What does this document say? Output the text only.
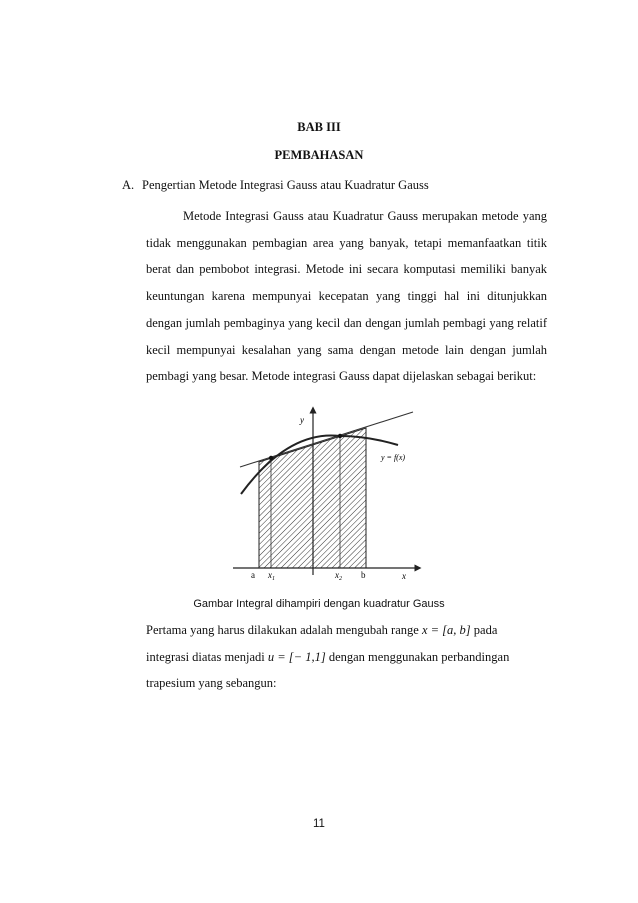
BAB III
PEMBAHASAN
A. Pengertian Metode Integrasi Gauss atau Kuadratur Gauss

Metode Integrasi Gauss atau Kuadratur Gauss merupakan metode yang tidak menggunakan pembagian area yang banyak, tetapi memanfaatkan titik berat dan pembobot integrasi. Metode ini secara komputasi memiliki banyak keuntungan karena mempunyai kecepatan yang tinggi hal ini ditunjukkan dengan jumlah pembaginya yang kecil dan dengan jumlah pembagi yang relatif kecil mempunyai kesalahan yang sama dengan metode lain dengan jumlah pembagi yang besar. Metode integrasi Gauss dapat dijelaskan sebagai berikut:

y
x
y = f(x)
a $x_1$	$x_2$ b
Gambar Integral dihampiri dengan kuadratur Gauss

Pertama yang harus dilakukan adalah mengubah range x = [a, b] pada
integrasi diatas menjadi u = [− 1,1] dengan menggunakan perbandingan
trapesium yang sebangun:

11
